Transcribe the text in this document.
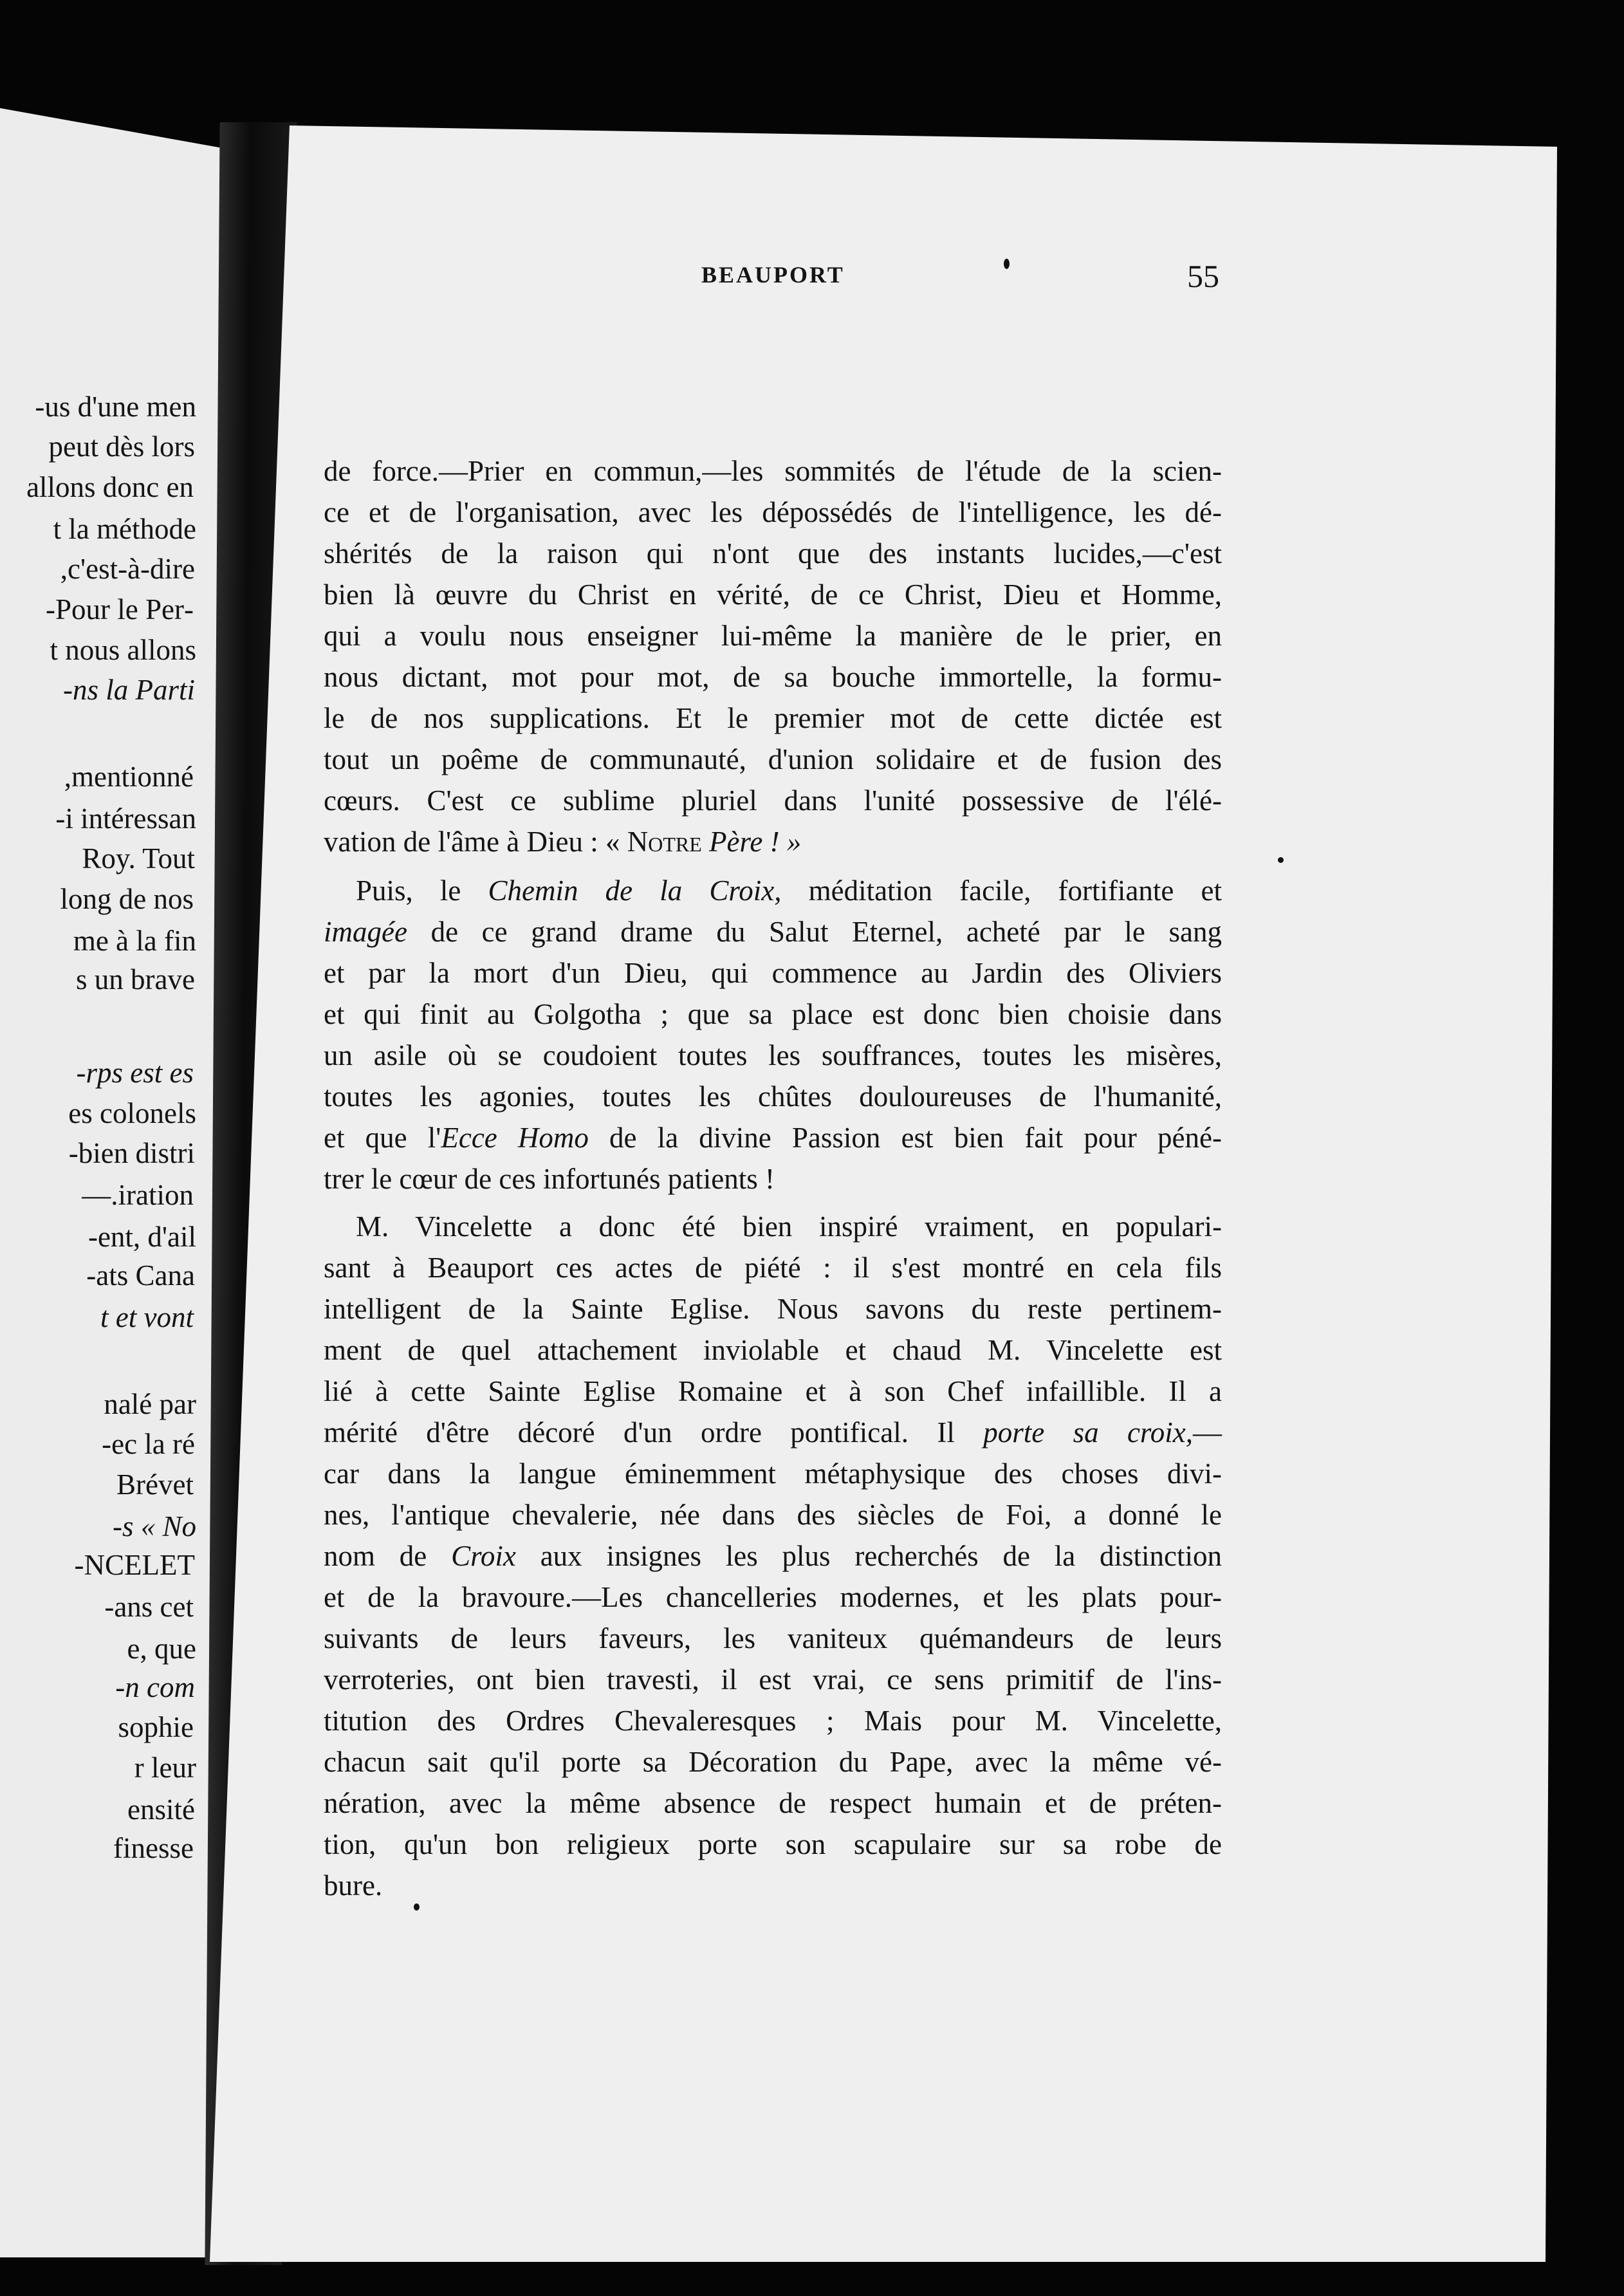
BEAUPORT	55
de force.—Prier en commun,—les sommités de l'étude de la scien-
ce et de l'organisation, avec les dépossédés de l'intelligence, les dé-
shérités de la raison qui n'ont que des instants lucides,—c'est
bien là œuvre du Christ en vérité, de ce Christ, Dieu et Homme,
qui a voulu nous enseigner lui-même la manière de le prier, en
nous dictant, mot pour mot, de sa bouche immortelle, la formu-
le de nos supplications. Et le premier mot de cette dictée est
tout un poême de communauté, d'union solidaire et de fusion des
cœurs. C'est ce sublime pluriel dans l'unité possessive de l'élé-
vation de l'âme à Dieu : « Notre Père ! »
Puis, le Chemin de la Croix, méditation facile, fortifiante et
imagée de ce grand drame du Salut Eternel, acheté par le sang
et par la mort d'un Dieu, qui commence au Jardin des Oliviers
et qui finit au Golgotha ; que sa place est donc bien choisie dans
un asile où se coudoient toutes les souffrances, toutes les misères,
toutes les agonies, toutes les chûtes douloureuses de l'humanité,
et que l'Ecce Homo de la divine Passion est bien fait pour péné-
trer le cœur de ces infortunés patients !
M. Vincelette a donc été bien inspiré vraiment, en populari-
sant à Beauport ces actes de piété : il s'est montré en cela fils
intelligent de la Sainte Eglise. Nous savons du reste pertinem-
ment de quel attachement inviolable et chaud M. Vincelette est
lié à cette Sainte Eglise Romaine et à son Chef infaillible. Il a
mérité d'être décoré d'un ordre pontifical. Il porte sa croix,—
car dans la langue éminemment métaphysique des choses divi-
nes, l'antique chevalerie, née dans des siècles de Foi, a donné le
nom de Croix aux insignes les plus recherchés de la distinction
et de la bravoure.—Les chancelleries modernes, et les plats pour-
suivants de leurs faveurs, les vaniteux quémandeurs de leurs
verroteries, ont bien travesti, il est vrai, ce sens primitif de l'ins-
titution des Ordres Chevaleresques ; Mais pour M. Vincelette,
chacun sait qu'il porte sa Décoration du Pape, avec la même vé-
nération, avec la même absence de respect humain et de préten-
tion, qu'un bon religieux porte son scapulaire sur sa robe de
bure.
